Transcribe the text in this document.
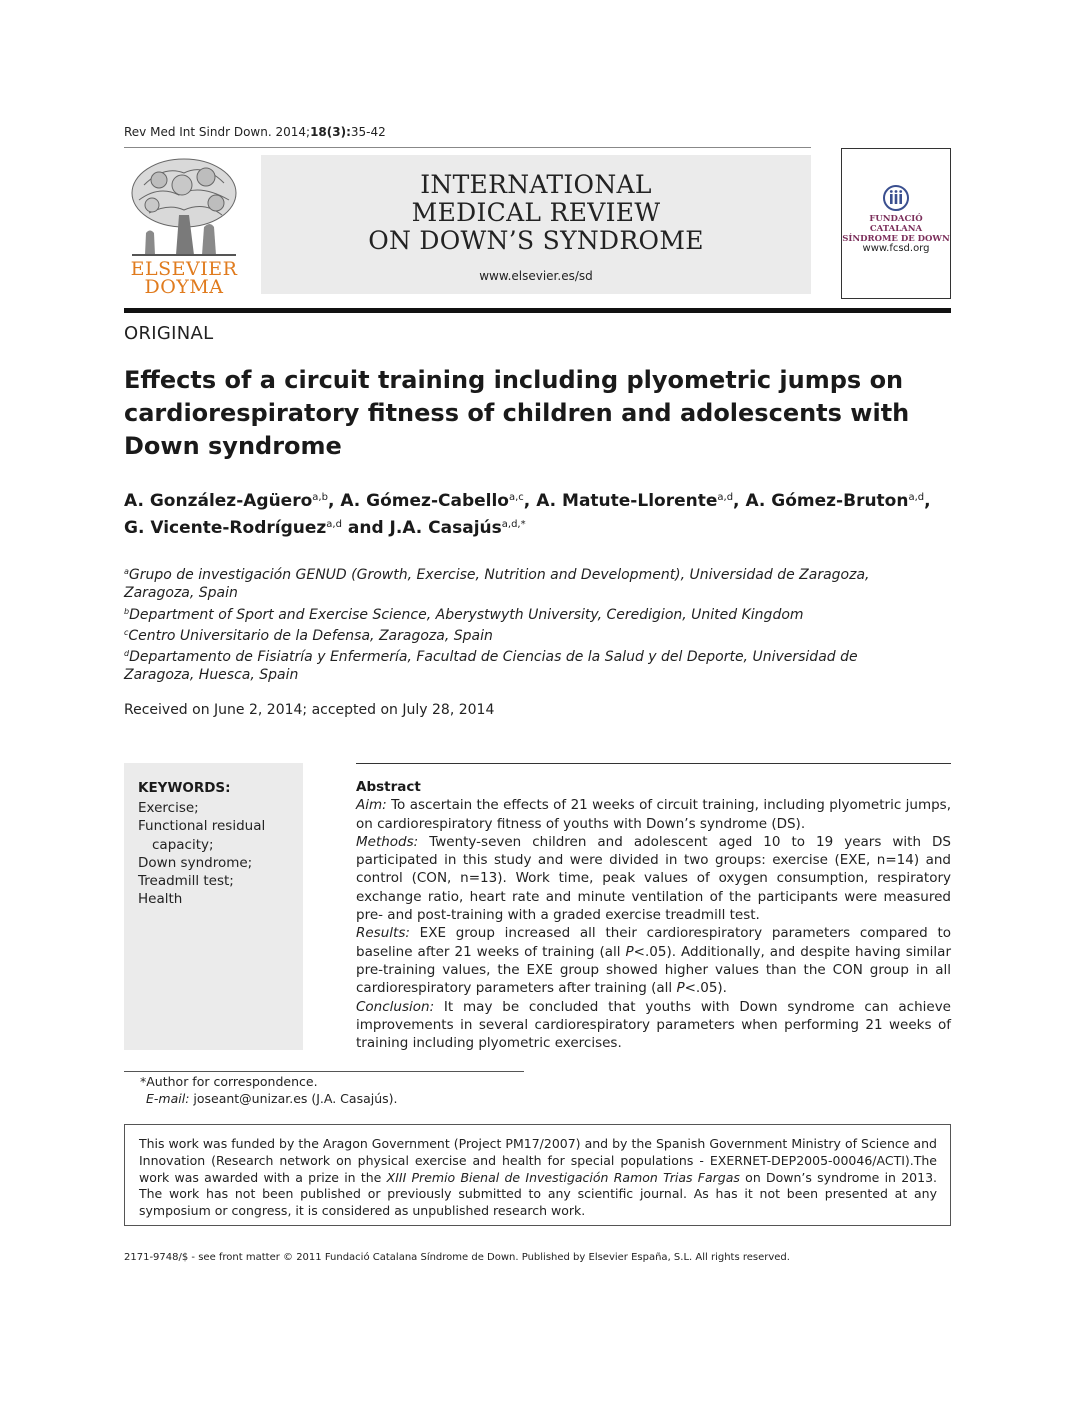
Rev Med Int Sindr Down. 2014;18(3):35-42
ELSEVIER
DOYMA
INTERNATIONAL
MEDICAL REVIEW
ON DOWN’S SYNDROME
www.elsevier.es/sd
FUNDACIÓ CATALANA
SÍNDROME DE DOWN
www.fcsd.org
ORIGINAL
Effects of a circuit training including plyometric jumps on cardiorespiratory fitness of children and adolescents with Down syndrome
A. González-Agüero$^{a,b}$, A. Gómez-Cabello$^{a,c}$, A. Matute-Llorente$^{a,d}$, A. Gómez-Bruton$^{a,d}$,
G. Vicente-Rodríguez$^{a,d}$ and J.A. Casajús$^{a,d,*}$
$^a$Grupo de investigación GENUD (Growth, Exercise, Nutrition and Development), Universidad de Zaragoza, Zaragoza, Spain
$^b$Department of Sport and Exercise Science, Aberystwyth University, Ceredigion, United Kingdom
$^c$Centro Universitario de la Defensa, Zaragoza, Spain
$^d$Departamento de Fisiatría y Enfermería, Facultad de Ciencias de la Salud y del Deporte, Universidad de Zaragoza, Huesca, Spain
Received on June 2, 2014; accepted on July 28, 2014
KEYWORDS:
Exercise;
Functional residual
capacity;
Down syndrome;
Treadmill test;
Health

Abstract

Aim: To ascertain the effects of 21 weeks of circuit training, including plyometric jumps, on cardiorespiratory fitness of youths with Down’s syndrome (DS).

Methods: Twenty-seven children and adolescent aged 10 to 19 years with DS participated in this study and were divided in two groups: exercise (EXE, n=14) and control (CON, n=13). Work time, peak values of oxygen consumption, respiratory exchange ratio, heart rate and minute ventilation of the participants were measured pre- and post-training with a graded exercise treadmill test.

Results: EXE group increased all their cardiorespiratory parameters compared to baseline after 21 weeks of training (all P<.05). Additionally, and despite having similar pre-training values, the EXE group showed higher values than the CON group in all cardiorespiratory parameters after training (all P<.05).

Conclusion: It may be concluded that youths with Down syndrome can achieve improvements in several cardiorespiratory parameters when performing 21 weeks of training including plyometric exercises.

*Author for correspondence.
E-mail: joseant@unizar.es (J.A. Casajús).
This work was funded by the Aragon Government (Project PM17/2007) and by the Spanish Government Ministry of Science and Innovation (Research network on physical exercise and health for special populations - EXERNET-DEP2005-00046/ACTI).The work was awarded with a prize in the XIII Premio Bienal de Investigación Ramon Trias Fargas on Down’s syndrome in 2013. The work has not been published or previously submitted to any scientific journal. As has it not been presented at any symposium or congress, it is considered as unpublished research work.
2171-9748/$ - see front matter © 2011 Fundació Catalana Síndrome de Down. Published by Elsevier España, S.L. All rights reserved.
